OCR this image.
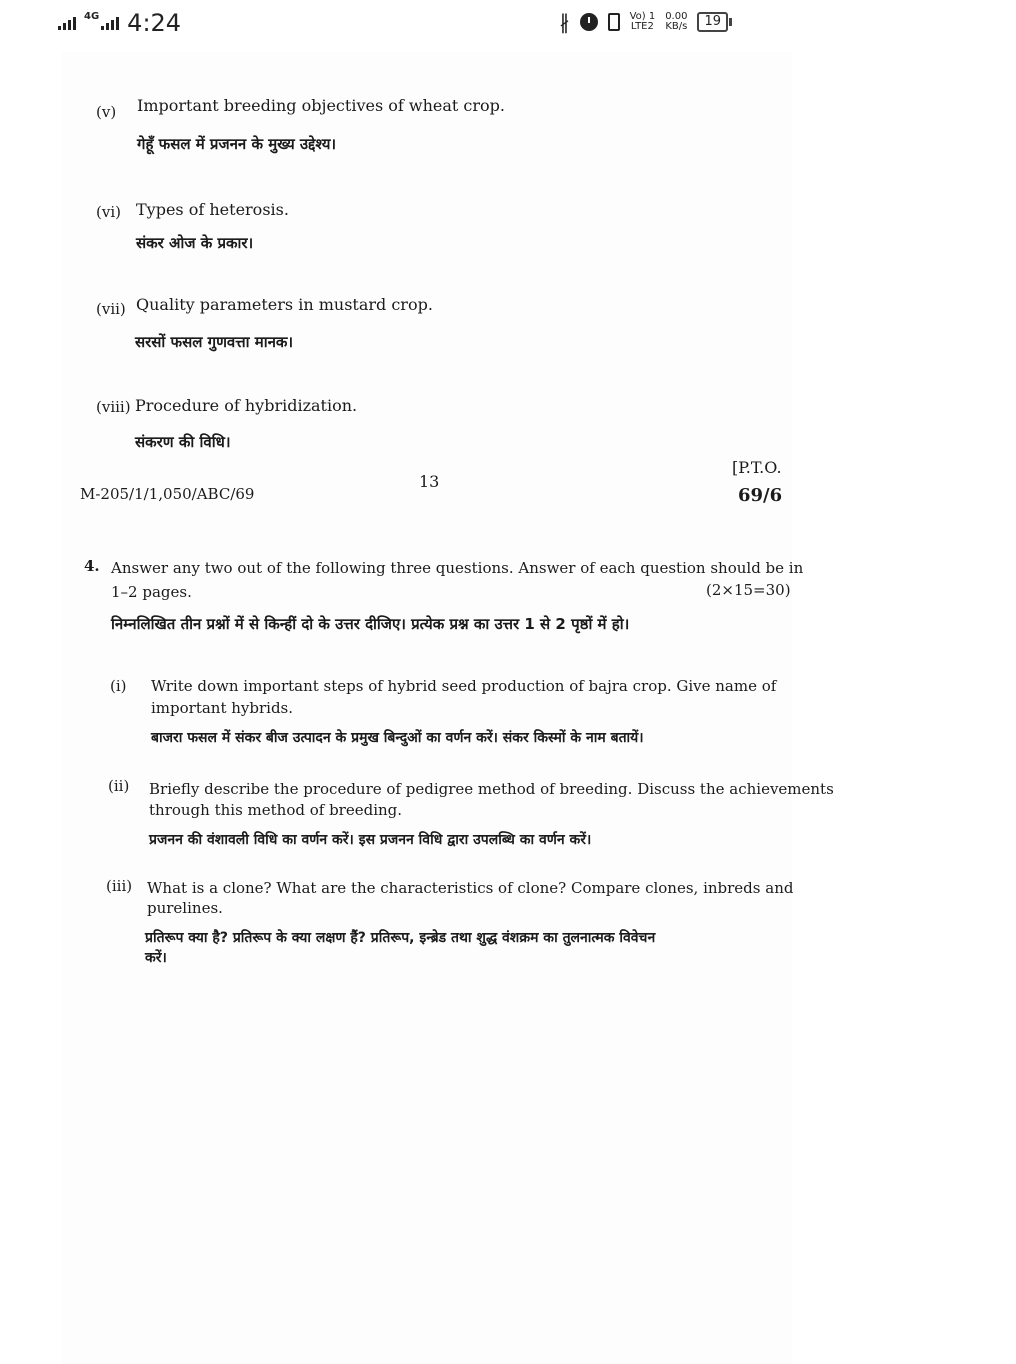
4G 4:24	∦	Vo) 1
LTE2
0.00
KB/s	19
(v) Important breeding objectives of wheat crop.
गेहूँ फसल में प्रजनन के मुख्य उद्देश्य।
(vi) Types of heterosis.
संकर ओज के प्रकार।
(vii) Quality parameters in mustard crop.
सरसों फसल गुणवत्ता मानक।
(viii) Procedure of hybridization.
संकरण की विधि।
M-205/1/1,050/ABC/69
13
[P.T.O.
69/6
4. Answer any two out of the following three questions. Answer of each question should be in
1–2 pages.	(2×15=30)
निम्नलिखित तीन प्रश्नों में से किन्हीं दो के उत्तर दीजिए। प्रत्येक प्रश्न का उत्तर 1 से 2 पृष्ठों में हो।
(i) Write down important steps of hybrid seed production of bajra crop. Give name of
important hybrids.
बाजरा फसल में संकर बीज उत्पादन के प्रमुख बिन्दुओं का वर्णन करें। संकर किस्मों के नाम बतायें।
(ii) Briefly describe the procedure of pedigree method of breeding. Discuss the achievements
through this method of breeding.
प्रजनन की वंशावली विधि का वर्णन करें। इस प्रजनन विधि द्वारा उपलब्धि का वर्णन करें।
(iii) What is a clone? What are the characteristics of clone? Compare clones, inbreds and
purelines.
प्रतिरूप क्या है? प्रतिरूप के क्या लक्षण हैं? प्रतिरूप, इन्ब्रेड तथा शुद्ध वंशक्रम का तुलनात्मक विवेचन
करें।
